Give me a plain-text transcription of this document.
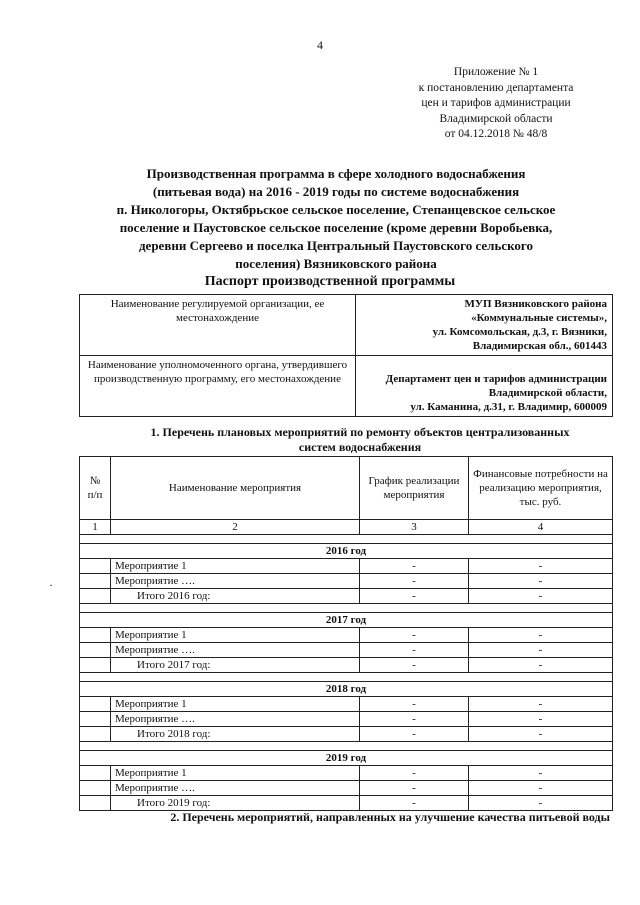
4
Приложение № 1
к постановлению департамента
цен и тарифов администрации
Владимирской области
от 04.12.2018 № 48/8
Производственная программа в сфере холодного водоснабжения
(питьевая вода) на 2016 - 2019 годы по системе водоснабжения
п. Никологоры, Октябрьское сельское поселение, Степанцевское сельское
поселение и Паустовское сельское поселение (кроме деревни Воробьевка,
деревни Сергеево и поселка Центральный Паустовского сельского
поселения) Вязниковского района
Паспорт производственной программы
Наименование регулируемой организации, ее местонахождение	МУП Вязниковского района
«Коммунальные системы»,
ул. Комсомольская, д.3, г. Вязники,
Владимирская обл., 601443

Наименование уполномоченного органа, утвердившего производственную программу, его местонахождение	Департамент цен и тарифов администрации
Владимирской области,
ул. Каманина, д.31, г. Владимир, 600009
1. Перечень плановых мероприятий по ремонту объектов централизованных
систем водоснабжения
№ п/п	Наименование мероприятия	График реализации мероприятия	Финансовые потребности на реализацию мероприятия, тыс. руб.
1	2	3	4

2016 год			
	Мероприятие 1	-	-
	Мероприятие ….	-	-
	Итого 2016 год:	-	-

2017 год			
	Мероприятие 1	-	-
	Мероприятие ….	-	-
	Итого 2017 год:	-	-

2018 год			
	Мероприятие 1	-	-
	Мероприятие ….	-	-
	Итого 2018 год:	-	-

2019 год			
	Мероприятие 1	-	-
	Мероприятие ….	-	-
	Итого 2019 год:	-	-
·
2. Перечень мероприятий, направленных на улучшение качества питьевой воды
